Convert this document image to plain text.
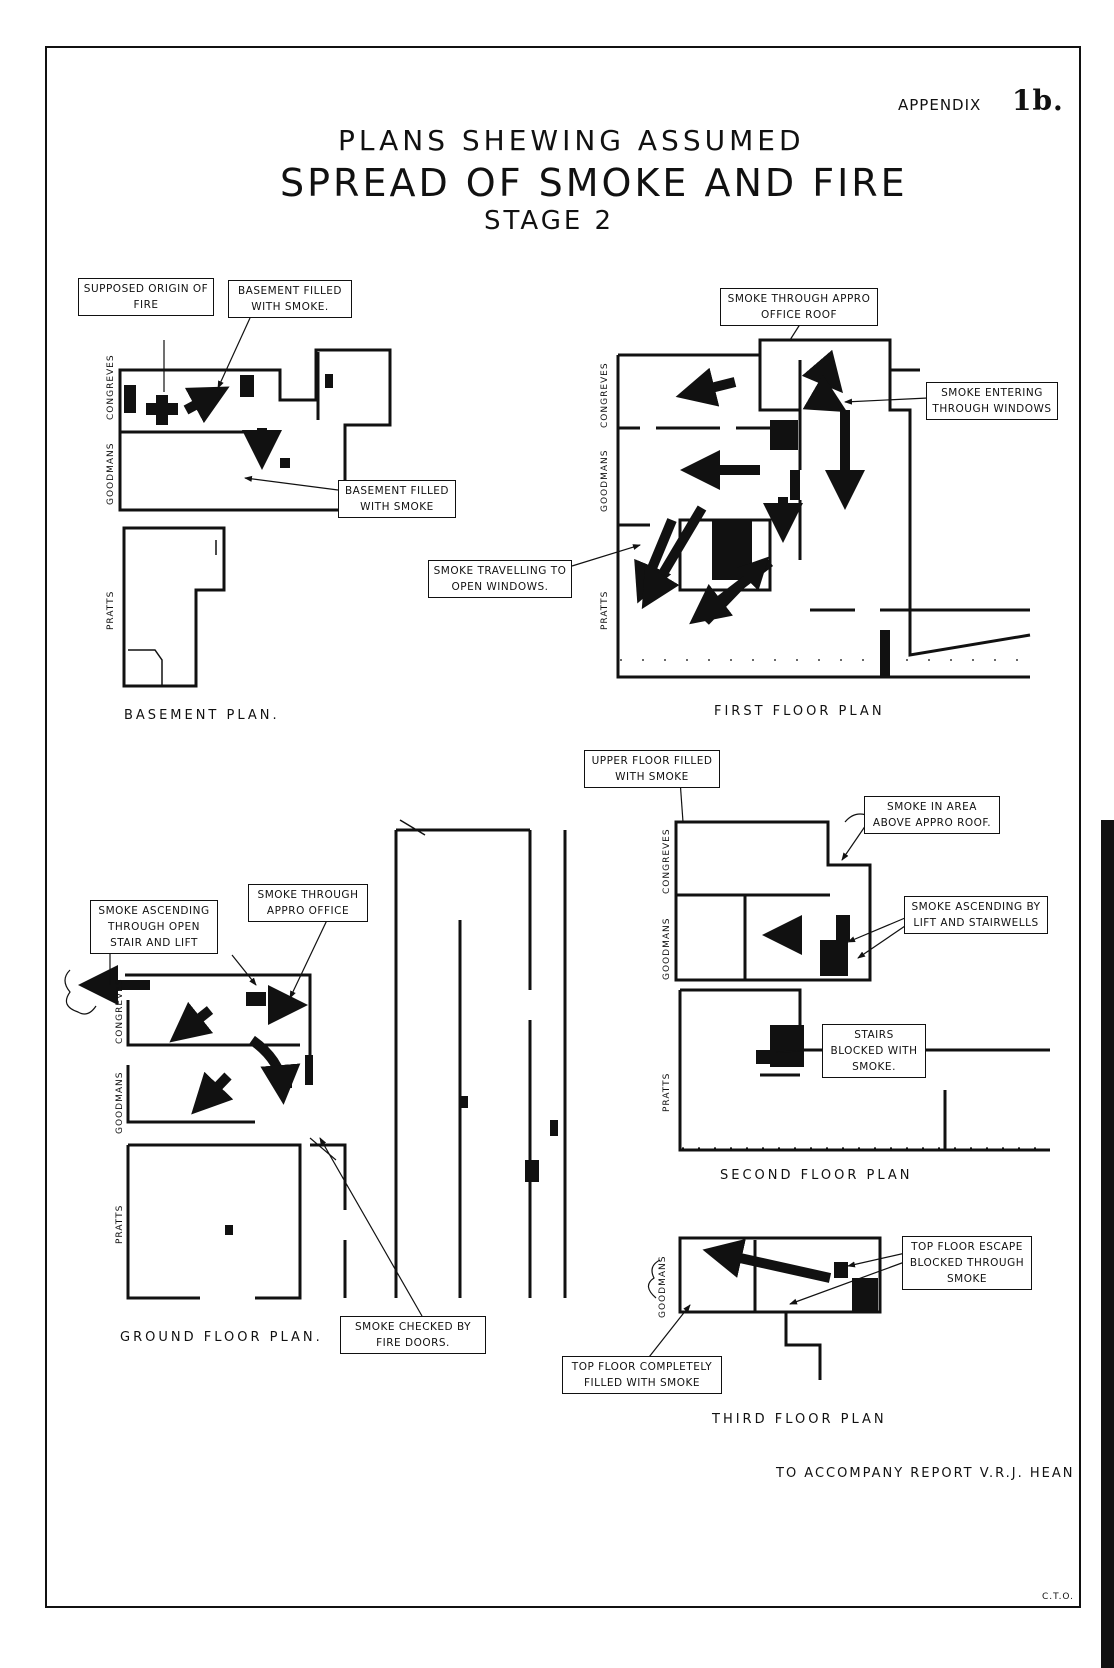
APPENDIX 1b.
PLANS SHEWING ASSUMED
SPREAD OF SMOKE AND FIRE
STAGE 2
CONGREVES
GOODMANS
PRATTS
CONGREVES
GOODMANS
PRATTS
CONGREVES
GOODMANS
PRATTS
CONGREVES
GOODMANS
PRATTS
GOODMANS
SUPPOSED ORIGIN OF FIRE
BASEMENT FILLED WITH SMOKE.
BASEMENT FILLED WITH SMOKE
SMOKE THROUGH APPRO OFFICE ROOF
SMOKE ENTERING THROUGH WINDOWS
SMOKE TRAVELLING TO OPEN WINDOWS.
UPPER FLOOR FILLED WITH SMOKE
SMOKE IN AREA ABOVE APPRO ROOF.
SMOKE ASCENDING BY LIFT AND STAIRWELLS
STAIRS BLOCKED WITH SMOKE.
SMOKE ASCENDING THROUGH OPEN STAIR AND LIFT
SMOKE THROUGH APPRO OFFICE
SMOKE CHECKED BY FIRE DOORS.
TOP FLOOR ESCAPE BLOCKED THROUGH SMOKE
TOP FLOOR COMPLETELY FILLED WITH SMOKE
BASEMENT PLAN.	FIRST FLOOR PLAN
GROUND FLOOR PLAN.
SECOND FLOOR PLAN
THIRD FLOOR PLAN
TO ACCOMPANY REPORT V.R.J. HEAN
C.T.O.
